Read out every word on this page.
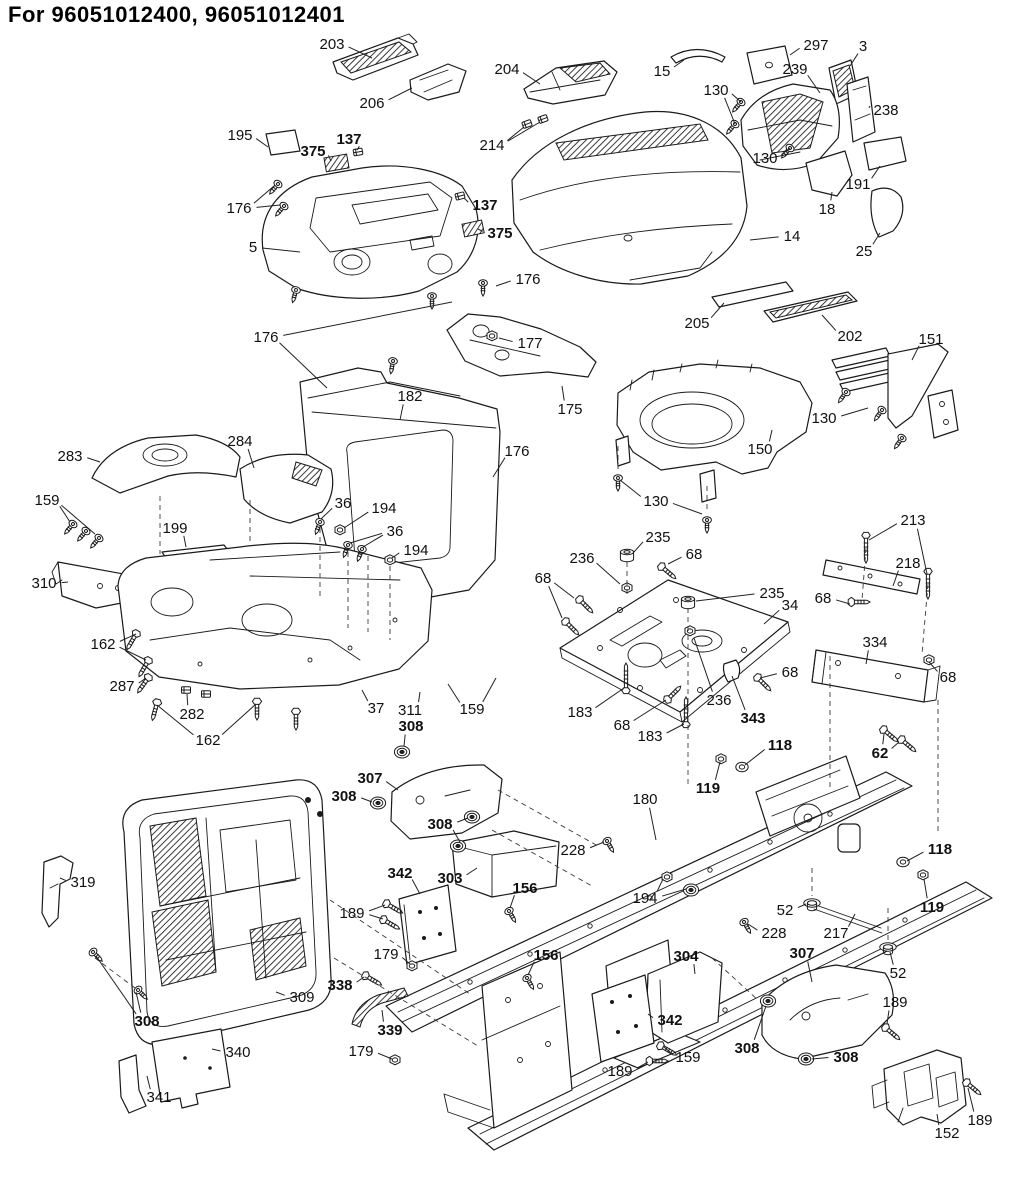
For 96051012400, 96051012401
203
206
204
214
15
297 3
239
130
238
130
191
18
25
14
195
375
137
137
375
176
5
176
176	177
175
182
176
205
202	151
130
150
130
283
284
159
199
310
36 194
36
194
162
287
282
162
37 311	159
308
307
308
308
235
236	68
68
235
34
68
236
343
183
68
183
213
218
68
334
68
62
118
119
180
228
194
156
342 303
189
179
338
339
179
156
319
309
308
340
341
118
119
52
217
228
52
304	307
342
159
189
308
308
189
189
152
